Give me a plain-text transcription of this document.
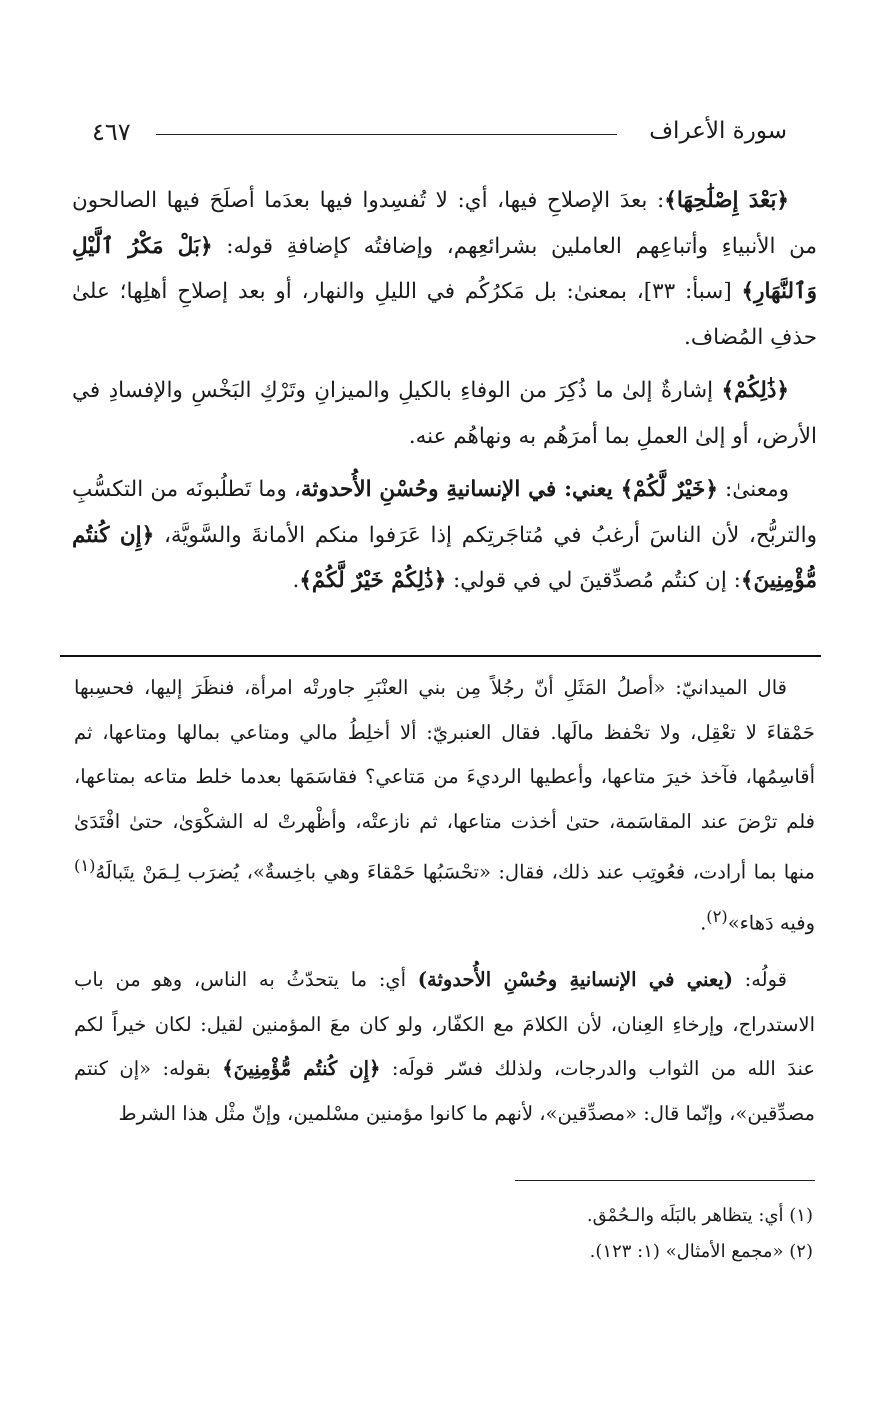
سورة الأعراف
٤٦٧

﴿بَعْدَ إِصْلَٰحِهَا﴾: بعدَ الإصلاحِ فيها، أي: لا تُفسِدوا فيها بعدَما أصلَحَ فيها الصالحون من الأنبياءِ وأتباعِهم العاملين بشرائعِهم، وإضافتُه كإضافةِ قوله: ﴿بَلْ مَكْرُ ٱلَّيْلِ وَٱلنَّهَارِ﴾ [سبأ: ٣٣]، بمعنىٰ: بل مَكرُكُم في الليلِ والنهار، أو بعد إصلاحِ أهلِها؛ علىٰ حذفِ المُضاف.

﴿ذَٰلِكُمْ﴾ إشارةٌ إلىٰ ما ذُكِرَ من الوفاءِ بالكيلِ والميزانِ وتَرْكِ البَخْسِ والإفسادِ في الأرض، أو إلىٰ العملِ بما أمرَهُم به ونهاهُم عنه.

ومعنىٰ: ﴿خَيْرٌ لَّكُمْ﴾ يعني: في الإنسانيةِ وحُسْنِ الأُحدوثة، وما تَطلُبونَه من التكسُّبِ والتربُّح، لأن الناسَ أرغبُ في مُتاجَرتِكم إذا عَرَفوا منكم الأمانةَ والسَّويَّة، ﴿إِن كُنتُم مُّؤْمِنِينَ﴾: إن كنتُم مُصدِّقينَ لي في قولي: ﴿ذَٰلِكُمْ خَيْرٌ لَّكُمْ﴾.

قال الميدانيّ: «أصلُ المَثَلِ أنّ رجُلاً مِن بني العنْبَرِ جاورتْه امرأة، فنظَرَ إليها، فحسِبها حَمْقاءَ لا تعْقِل، ولا تحْفظ مالَها. فقال العنبريّ: ألا أخلِطُ مالي ومتاعي بمالها ومتاعها، ثم أقاسِمُها، فآخذ خيرَ متاعها، وأعطيها الرديءَ من مَتاعي؟ فقاسَمَها بعدما خلط متاعه بمتاعها، فلم ترْضَ عند المقاسَمة، حتىٰ أخذت متاعها، ثم نازعتْه، وأظْهرتْ له الشكْوَىٰ، حتىٰ افْتَدَىٰ منها بما أرادت، فعُوتِب عند ذلك، فقال: «تحْسَبُها حَمْقاءَ وهي باخِسةٌ»، يُضرَب لِـمَنْ يتَبالَهُ$^{(١)}$ وفيه دَهاء»$^{(٢)}$.

قولُه: (يعني في الإنسانيةِ وحُسْنِ الأُحدوثة) أي: ما يتحدّثُ به الناس، وهو من باب الاستدراج، وإرخاءِ العِنان، لأن الكلامَ مع الكفّار، ولو كان معَ المؤمنين لقيل: لكان خيراً لكم عندَ الله من الثواب والدرجات، ولذلك فسّر قولَه: ﴿إِن كُنتُم مُّؤْمِنِينَ﴾ بقوله: «إن كنتم مصدِّقين»، وإنّما قال: «مصدِّقين»، لأنهم ما كانوا مؤمنين مسْلمين، وإنّ مثْل هذا الشرط

(١) أي: يتظاهر بالبَلَه والـحُمْق.
(٢) «مجمع الأمثال» (١: ١٢٣).
